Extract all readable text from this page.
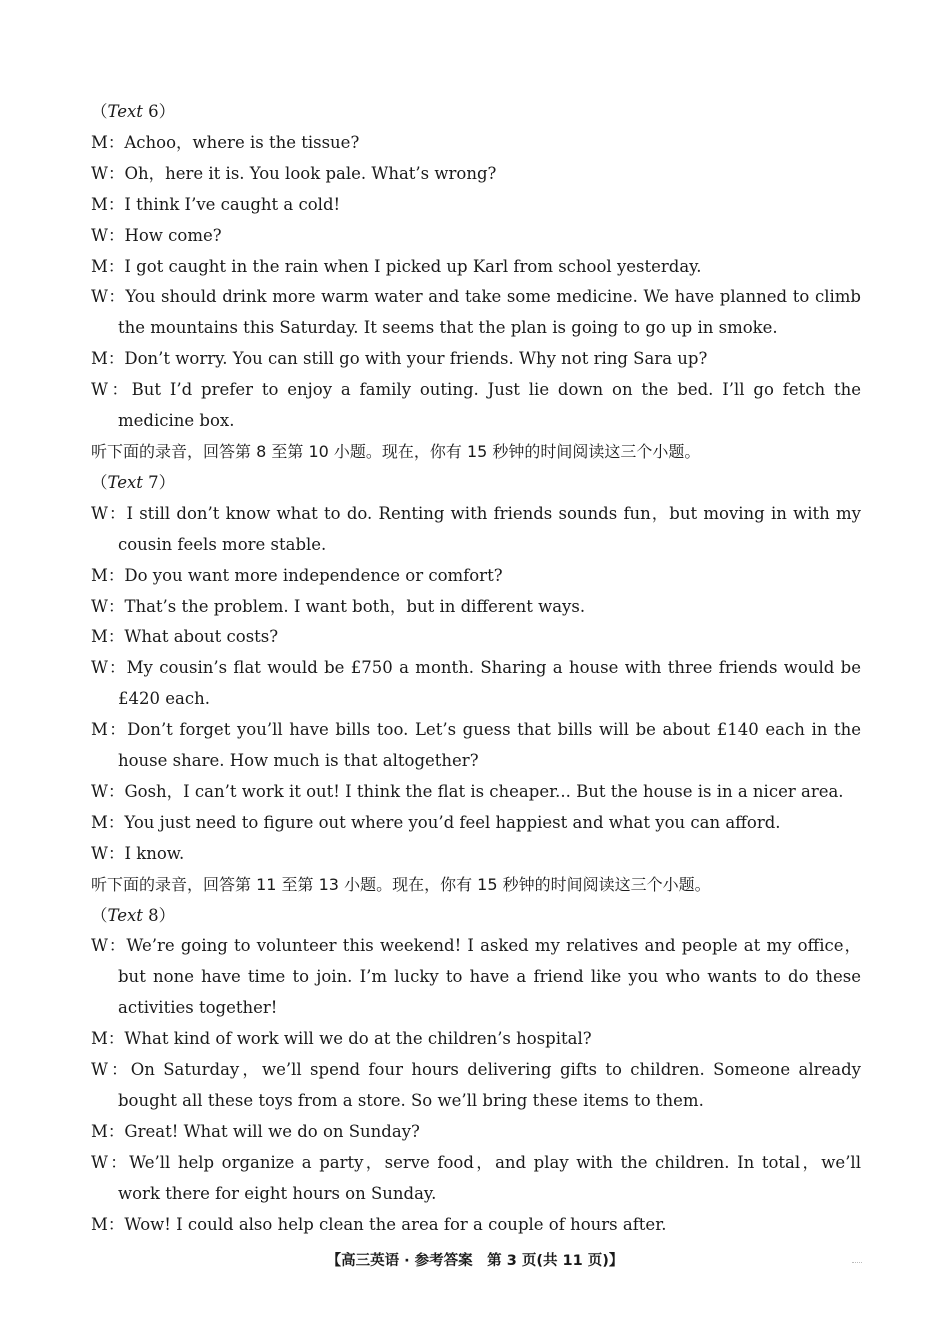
（Text 6）
M：Achoo，where is the tissue?
W：Oh，here it is. You look pale. What’s wrong?
M：I think I’ve caught a cold!
W：How come?
M：I got caught in the rain when I picked up Karl from school yesterday.
W：You should drink more warm water and take some medicine. We have planned to climb the mountains this Saturday. It seems that the plan is going to go up in smoke.
M：Don’t worry. You can still go with your friends. Why not ring Sara up?
W：But I’d prefer to enjoy a family outing. Just lie down on the bed. I’ll go fetch the medicine box.
听下面的录音，回答第 8 至第 10 小题。现在，你有 15 秒钟的时间阅读这三个小题。
（Text 7）
W：I still don’t know what to do. Renting with friends sounds fun，but moving in with my cousin feels more stable.
M：Do you want more independence or comfort?
W：That’s the problem. I want both，but in different ways.
M：What about costs?
W：My cousin’s flat would be £750 a month. Sharing a house with three friends would be £420 each.
M：Don’t forget you’ll have bills too. Let’s guess that bills will be about £140 each in the house share. How much is that altogether?
W：Gosh，I can’t work it out! I think the flat is cheaper... But the house is in a nicer area.
M：You just need to figure out where you’d feel happiest and what you can afford.
W：I know.
听下面的录音，回答第 11 至第 13 小题。现在，你有 15 秒钟的时间阅读这三个小题。
（Text 8）
W：We’re going to volunteer this weekend! I asked my relatives and people at my office，but none have time to join. I’m lucky to have a friend like you who wants to do these activities together!
M：What kind of work will we do at the children’s hospital?
W：On Saturday，we’ll spend four hours delivering gifts to children. Someone already bought all these toys from a store. So we’ll bring these items to them.
M：Great! What will we do on Sunday?
W：We’ll help organize a party，serve food，and play with the children. In total，we’ll work there for eight hours on Sunday.
M：Wow! I could also help clean the area for a couple of hours after.
【高三英语 · 参考答案　第 3 页(共 11 页)】
